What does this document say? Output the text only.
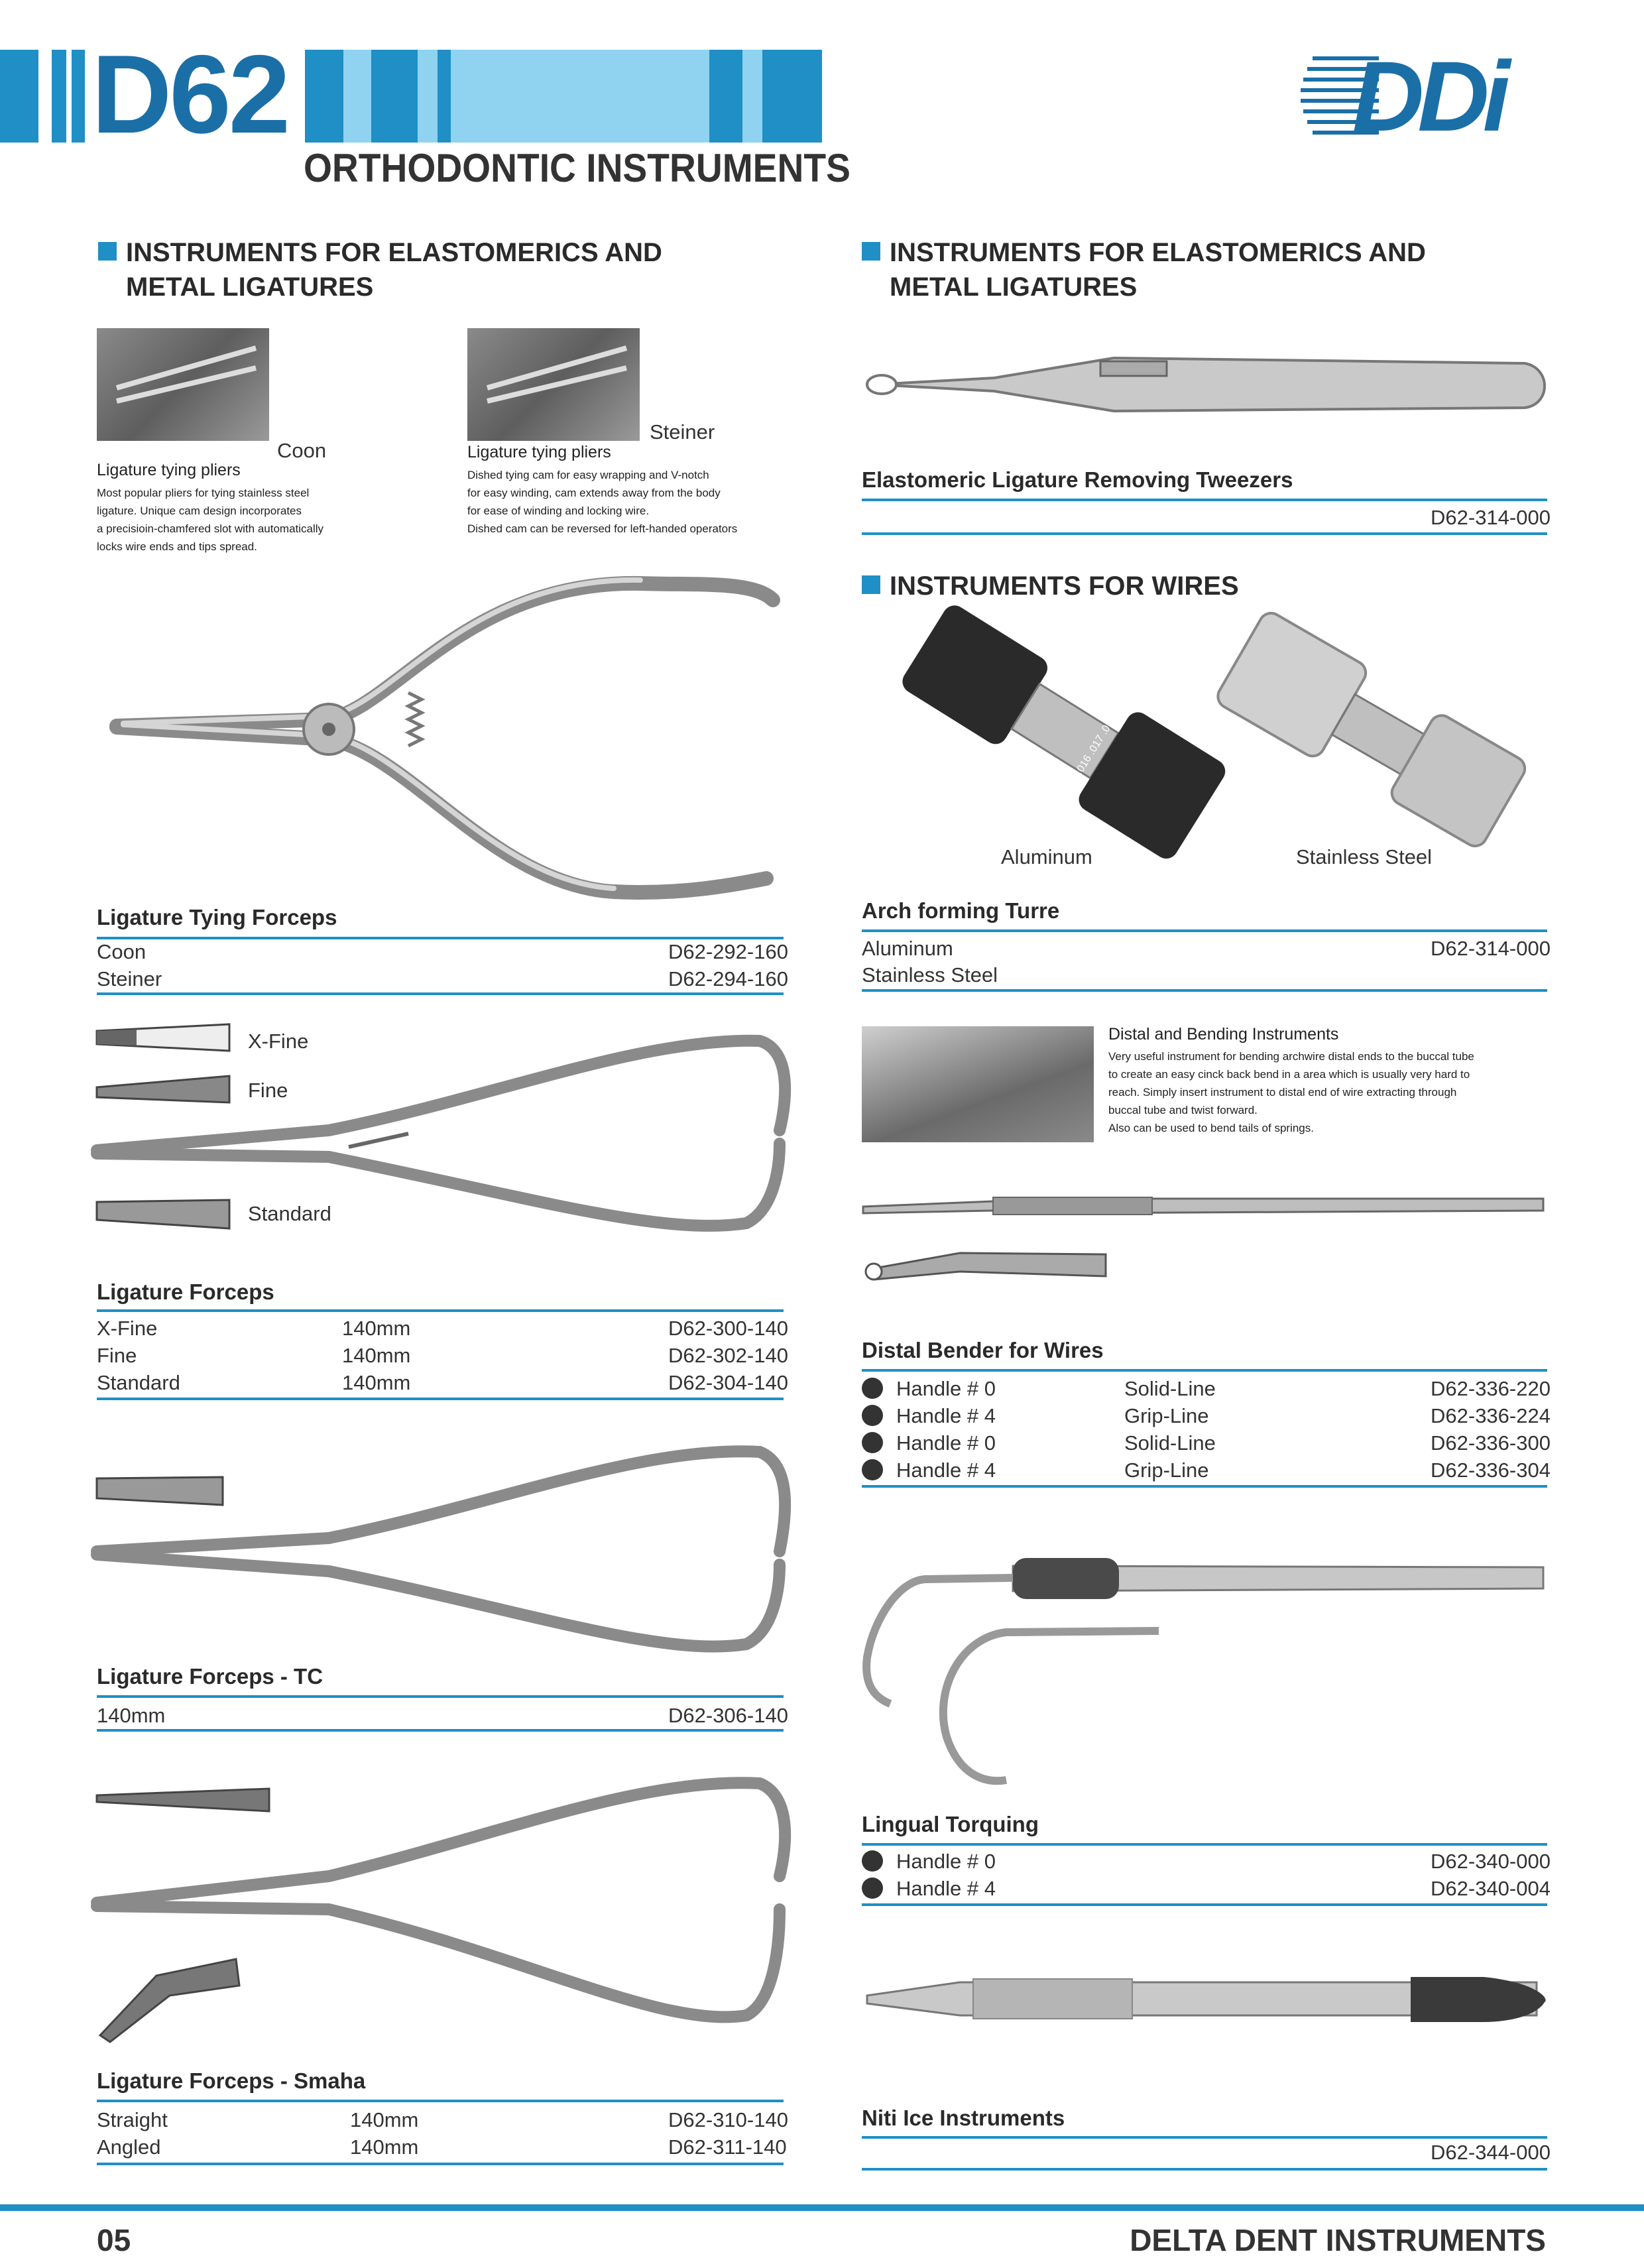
D62
ORTHODONTIC INSTRUMENTS
DDi
INSTRUMENTS FOR ELASTOMERICS AND
METAL LIGATURES
Coon
Ligature tying pliers
Most popular pliers for tying stainless steel
ligature. Unique cam design incorporates
a precisioin-chamfered slot with automatically
locks wire ends and tips spread.
Steiner
Ligature tying pliers
Dished tying cam for easy wrapping and V-notch
for easy winding, cam extends away from the body
for ease of winding and locking wire.
Dished cam can be reversed for left-handed operators
Ligature Tying Forceps
Coon	D62-292-160
Steiner	D62-294-160
X-Fine
Fine
Standard
Ligature Forceps
X-Fine	140mm	D62-300-140
Fine	140mm	D62-302-140
Standard	140mm	D62-304-140
Ligature Forceps - TC
140mm	D62-306-140
Ligature Forceps - Smaha
Straight	140mm	D62-310-140
Angled	140mm	D62-311-140
INSTRUMENTS FOR ELASTOMERICS AND
METAL LIGATURES
Elastomeric Ligature Removing Tweezers
D62-314-000
INSTRUMENTS FOR WIRES
.016 .017 .018 .022
Aluminum	Stainless Steel
Arch forming Turre
Aluminum	D62-314-000
Stainless Steel
Distal and Bending Instruments
Very useful instrument for bending archwire distal ends to the buccal tube
to create an easy cinck back bend in a area which is usually very hard to
reach. Simply insert instrument to distal end of wire extracting through
buccal tube and twist forward.
Also can be used to bend tails of springs.
Distal Bender for Wires
Handle # 0	Solid-Line	D62-336-220
Handle # 4	Grip-Line	D62-336-224
Handle # 0	Solid-Line	D62-336-300
Handle # 4	Grip-Line	D62-336-304
Lingual Torquing
Handle # 0	D62-340-000
Handle # 4	D62-340-004
Niti Ice Instruments
D62-344-000
05	DELTA DENT INSTRUMENTS
